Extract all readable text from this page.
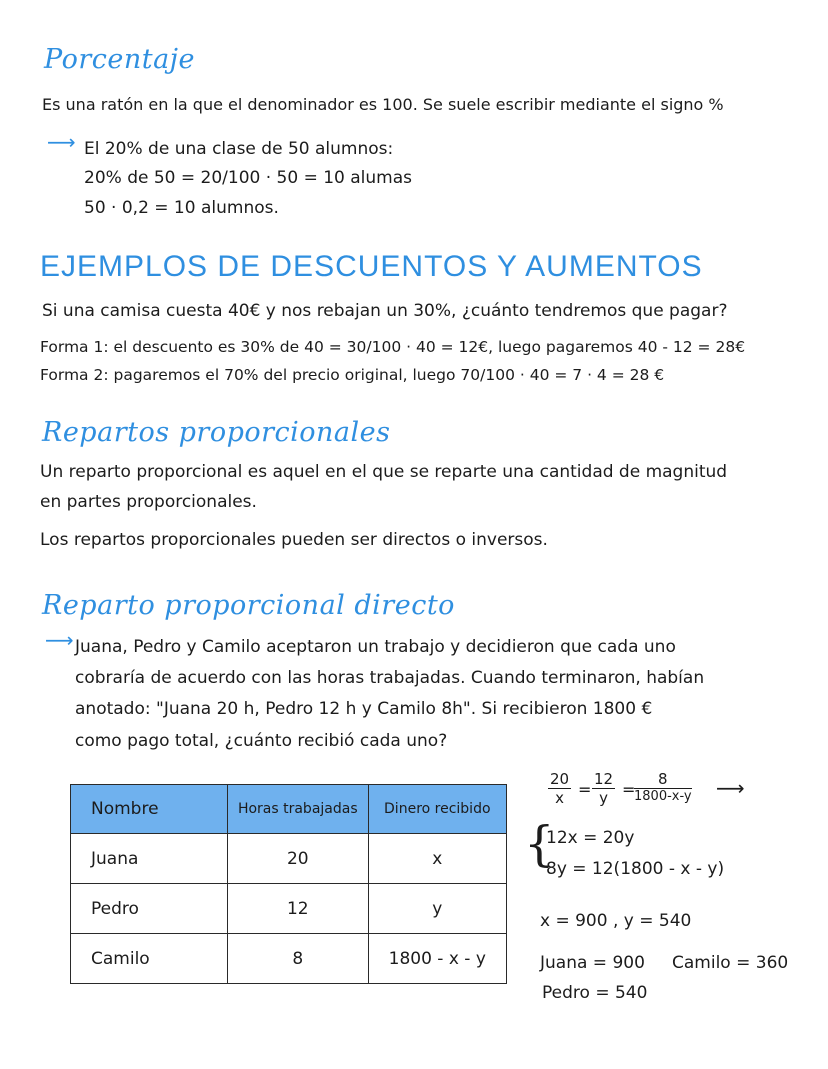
Porcentaje
Es una ratón en la que el denominador es 100. Se suele escribir mediante el signo %
⟶ El 20% de una clase de 50 alumnos:
20% de 50 = 20/100 · 50 = 10 alumas
50 · 0,2 = 10 alumnos.
EJEMPLOS DE DESCUENTOS Y AUMENTOS
Si una camisa cuesta 40€ y nos rebajan un 30%, ¿cuánto tendremos que pagar?
Forma 1: el descuento es 30% de 40 = 30/100 · 40 = 12€, luego pagaremos 40 - 12 = 28€
Forma 2: pagaremos el 70% del precio original, luego 70/100 · 40 = 7 · 4 = 28 €
Repartos proporcionales
Un reparto proporcional es aquel en el que se reparte una cantidad de magnitud
en partes proporcionales.
Los repartos proporcionales pueden ser directos o inversos.
Reparto proporcional directo
⟶ Juana, Pedro y Camilo aceptaron un trabajo y decidieron que cada uno
cobraría de acuerdo con las horas trabajadas. Cuando terminaron, habían
anotado: "Juana 20 h, Pedro 12 h y Camilo 8h". Si recibieron 1800 €
como pago total, ¿cuánto recibió cada uno?
Nombre	Horas trabajadas	Dinero recibido
Juana	20	x
Pedro	12	y
Camilo	8	1800 - x - y
$\frac{20}{x} = \frac{12}{y}$ =
$\frac{8}{1800-x-y}$ ⟶
{
12x = 20y
8y = 12(1800 - x - y)
x = 900 , y = 540
Juana = 900 Camilo = 360
Pedro = 540
